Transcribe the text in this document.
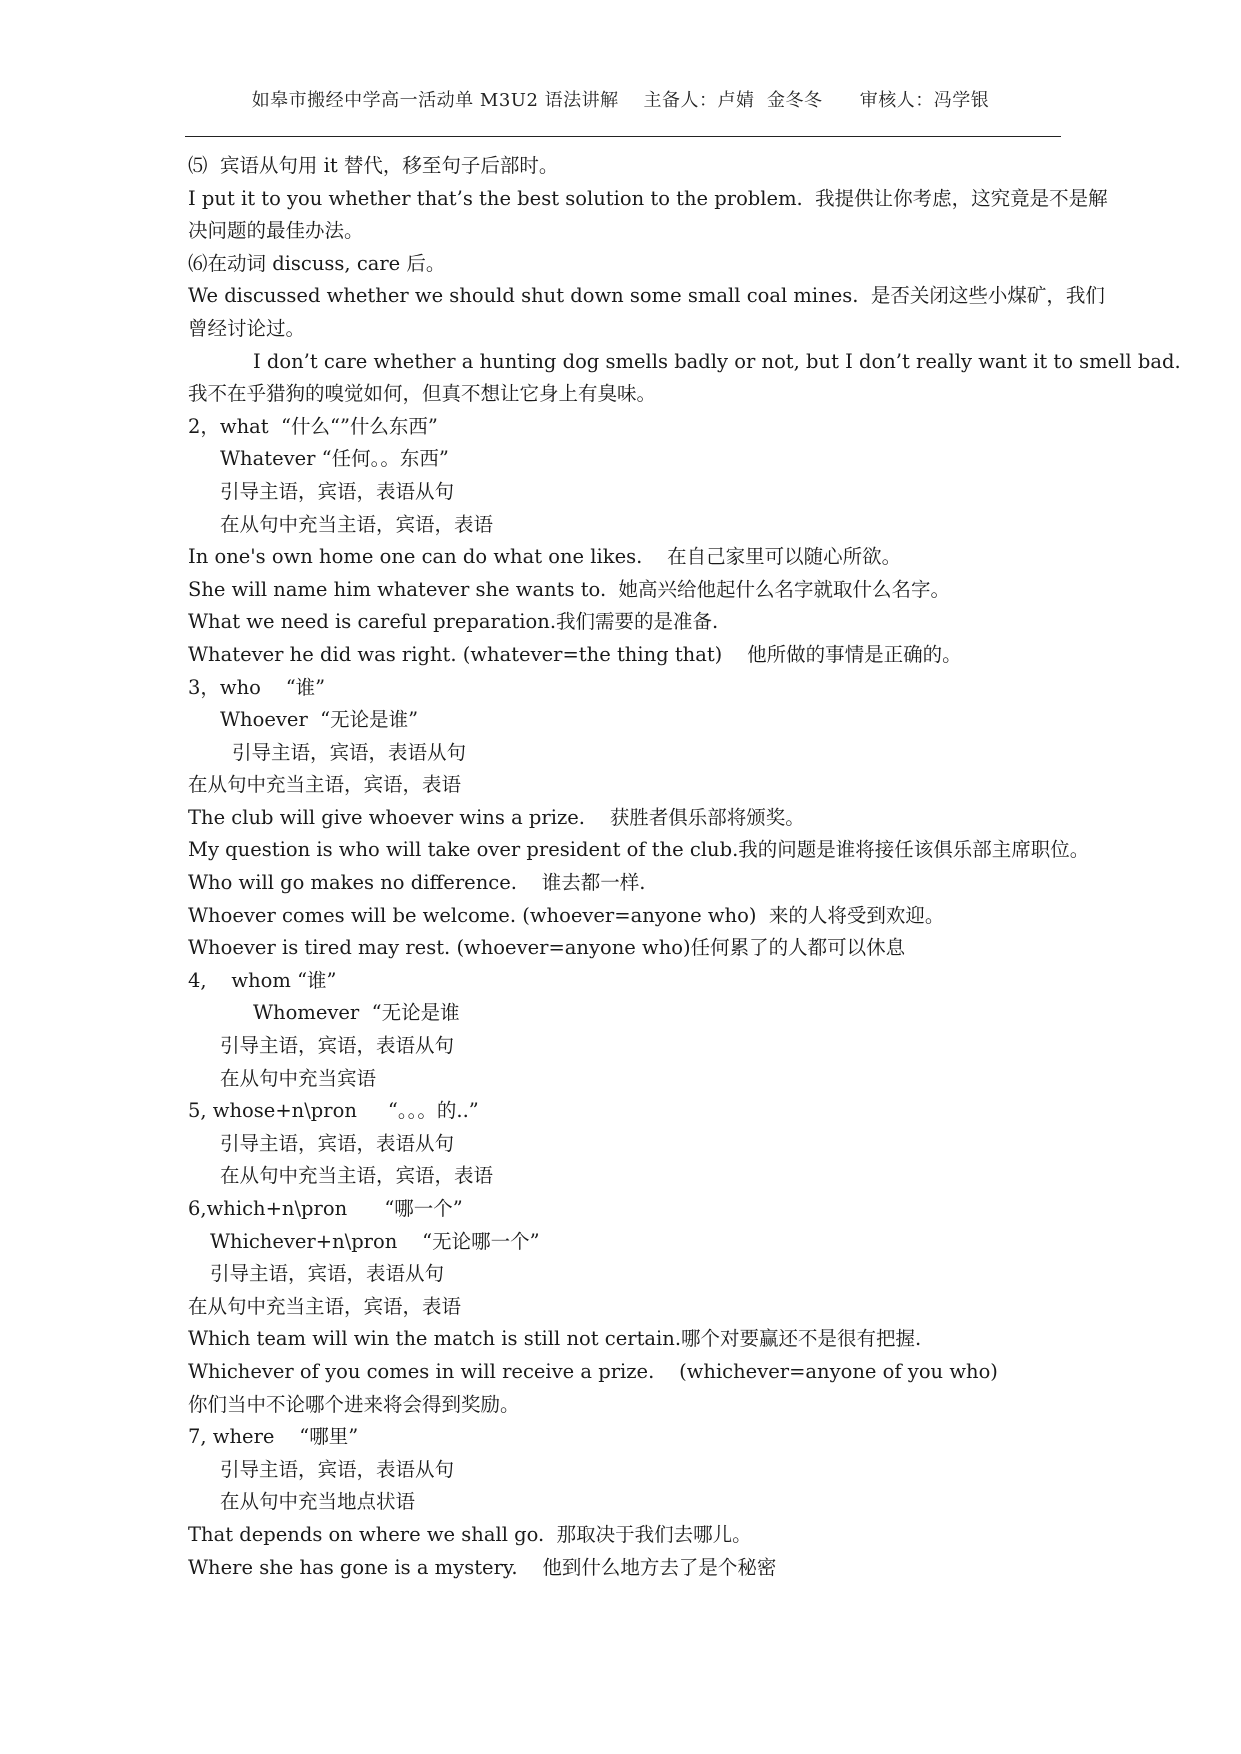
如皋市搬经中学高一活动单 M3U2 语法讲解    主备人：卢婧  金冬冬      审核人：冯学银
⑸  宾语从句用 it 替代，移至句子后部时。
I put it to you whether that’s the best solution to the problem.  我提供让你考虑，这究竟是不是解
决问题的最佳办法。
⑹在动词 discuss, care 后。
We discussed whether we should shut down some small coal mines.  是否关闭这些小煤矿，我们
曾经讨论过。
I don’t care whether a hunting dog smells badly or not, but I don’t really want it to smell bad.
我不在乎猎狗的嗅觉如何，但真不想让它身上有臭味。
2，what  “什么“”什么东西”
Whatever “任何。。东西”
引导主语，宾语，表语从句
在从句中充当主语，宾语，表语
In one's own home one can do what one likes.    在自己家里可以随心所欲。
She will name him whatever she wants to.  她高兴给他起什么名字就取什么名字。
What we need is careful preparation.我们需要的是准备.
Whatever he did was right. (whatever=the thing that)    他所做的事情是正确的。
3，who    “谁”
Whoever  “无论是谁”
引导主语，宾语，表语从句
在从句中充当主语，宾语，表语
The club will give whoever wins a prize.    获胜者俱乐部将颁奖。
My question is who will take over president of the club.我的问题是谁将接任该俱乐部主席职位。
Who will go makes no difference.    谁去都一样.
Whoever comes will be welcome. (whoever=anyone who)  来的人将受到欢迎。
Whoever is tired may rest. (whoever=anyone who)任何累了的人都可以休息
4,    whom “谁”
Whomever  “无论是谁
引导主语，宾语，表语从句
在从句中充当宾语
5, whose+n\pron     “。。。的..”
引导主语，宾语，表语从句
在从句中充当主语，宾语，表语
6,which+n\pron      “哪一个”
Whichever+n\pron    “无论哪一个”
引导主语，宾语，表语从句
在从句中充当主语，宾语，表语
Which team will win the match is still not certain.哪个对要赢还不是很有把握.
Whichever of you comes in will receive a prize.    (whichever=anyone of you who)
你们当中不论哪个进来将会得到奖励。
7, where    “哪里”
引导主语，宾语，表语从句
在从句中充当地点状语
That depends on where we shall go.  那取决于我们去哪儿。
Where she has gone is a mystery.    他到什么地方去了是个秘密
